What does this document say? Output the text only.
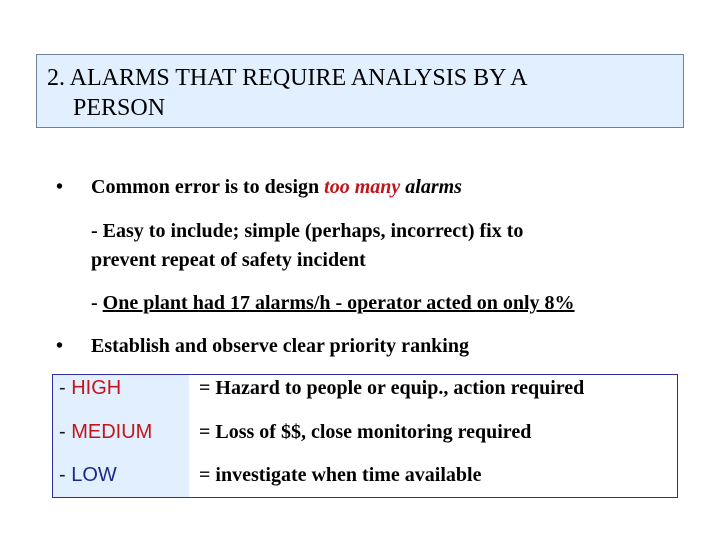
2. ALARMS THAT REQUIRE ANALYSIS BY A
PERSON
• Common error is to design too many alarms
- Easy to include; simple (perhaps, incorrect) fix to
prevent repeat of safety incident
- One plant had 17 alarms/h - operator acted on only 8%
• Establish and observe clear priority ranking
- HIGH	= Hazard to people or equip., action required
- MEDIUM = Loss of $$, close monitoring required
- LOW	= investigate when time available
